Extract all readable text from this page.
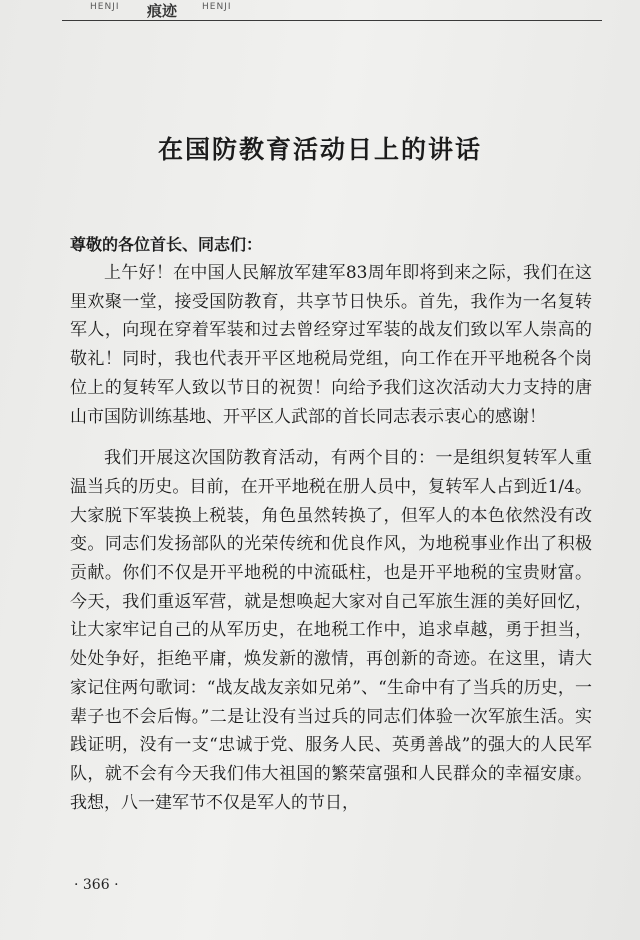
HENJI 痕迹	HENJI
在国防教育活动日上的讲话

尊敬的各位首长、同志们：

上午好！在中国人民解放军建军83周年即将到来之际，我们在这里欢聚一堂，接受国防教育，共享节日快乐。首先，我作为一名复转军人，向现在穿着军装和过去曾经穿过军装的战友们致以军人崇高的敬礼！同时，我也代表开平区地税局党组，向工作在开平地税各个岗位上的复转军人致以节日的祝贺！向给予我们这次活动大力支持的唐山市国防训练基地、开平区人武部的首长同志表示衷心的感谢！
我们开展这次国防教育活动，有两个目的：一是组织复转军人重温当兵的历史。目前，在开平地税在册人员中，复转军人占到近1/4。大家脱下军装换上税装，角色虽然转换了，但军人的本色依然没有改变。同志们发扬部队的光荣传统和优良作风，为地税事业作出了积极贡献。你们不仅是开平地税的中流砥柱，也是开平地税的宝贵财富。今天，我们重返军营，就是想唤起大家对自己军旅生涯的美好回忆，让大家牢记自己的从军历史，在地税工作中，追求卓越，勇于担当，处处争好，拒绝平庸，焕发新的激情，再创新的奇迹。在这里，请大家记住两句歌词：“战友战友亲如兄弟”、“生命中有了当兵的历史，一辈子也不会后悔。”二是让没有当过兵的同志们体验一次军旅生活。实践证明，没有一支“忠诚于党、服务人民、英勇善战”的强大的人民军队，就不会有今天我们伟大祖国的繁荣富强和人民群众的幸福安康。我想，八一建军节不仅是军人的节日，
· 366 ·
